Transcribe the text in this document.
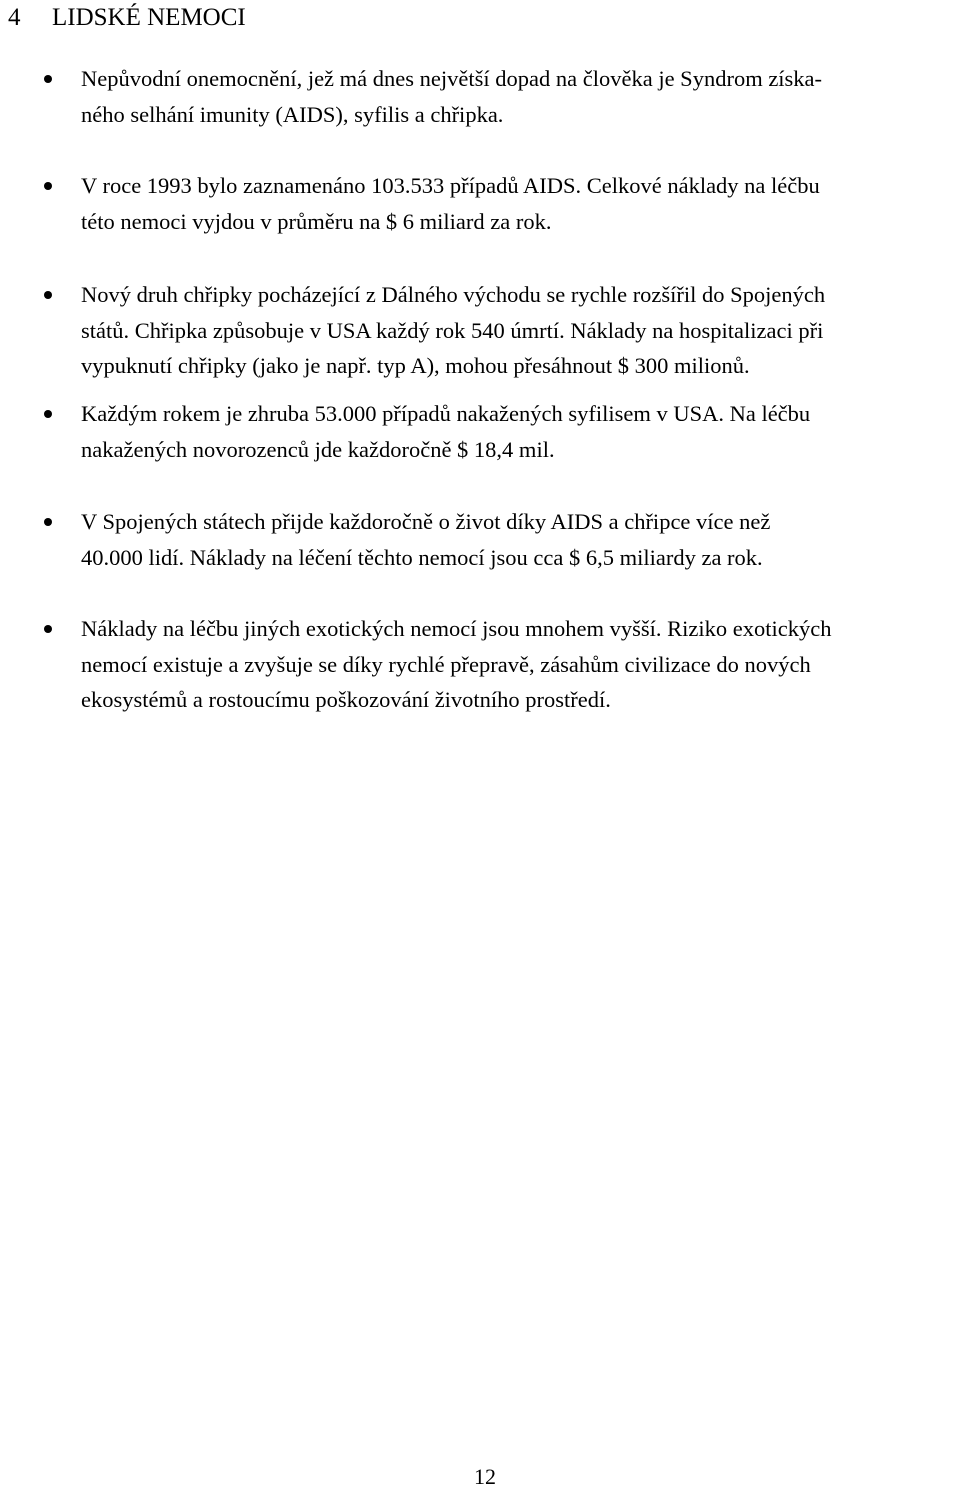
4 LIDSKÉ NEMOCI
Nepůvodní onemocnění, jež má dnes největší dopad na člověka je Syndrom získa-
ného selhání imunity (AIDS), syfilis a chřipka.
V roce 1993 bylo zaznamenáno 103.533 případů AIDS. Celkové náklady na léčbu
této nemoci vyjdou v průměru na $ 6 miliard za rok.
Nový druh chřipky pocházející z Dálného východu se rychle rozšířil do Spojených
států. Chřipka způsobuje v USA každý rok 540 úmrtí. Náklady na hospitalizaci při
vypuknutí chřipky (jako je např. typ A), mohou přesáhnout $ 300 milionů.
Každým rokem je zhruba 53.000 případů nakažených syfilisem v USA. Na léčbu
nakažených novorozenců jde každoročně $ 18,4 mil.
V Spojených státech přijde každoročně o život díky AIDS a chřipce více než
40.000 lidí. Náklady na léčení těchto nemocí jsou cca $ 6,5 miliardy za rok.
Náklady na léčbu jiných exotických nemocí jsou mnohem vyšší. Riziko exotických
nemocí existuje a zvyšuje se díky rychlé přepravě, zásahům civilizace do nových
ekosystémů a rostoucímu poškozování životního prostředí.
12
